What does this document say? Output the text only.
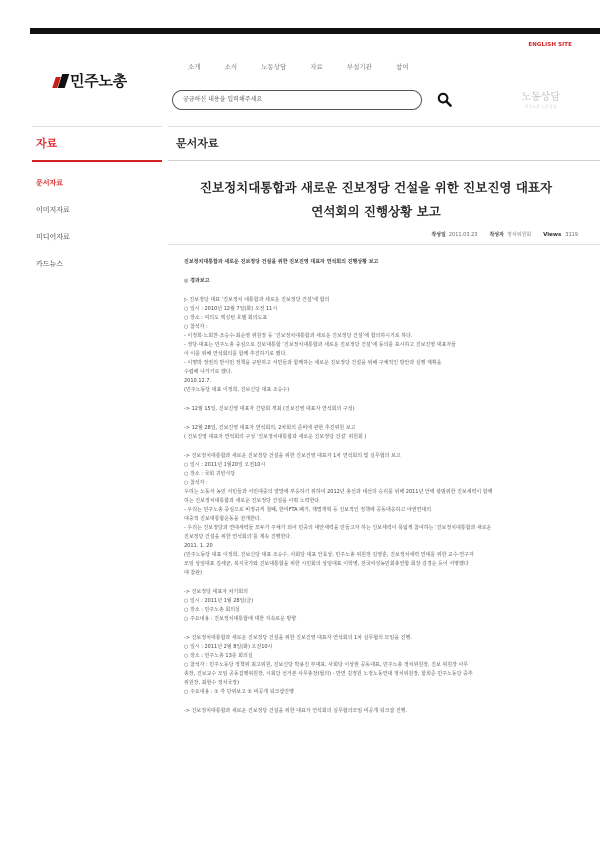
ENGLISH SITE
민주노총
소개	소식	노동상담	자료	부설기관	참여
궁금하신 내용을 입력해주세요	노동상담
민주노총 노동상담
자료	문서자료
문서자료
이미지자료
미디어자료
카드뉴스
진보정치대통합과 새로운 진보정당 건설을 위한 진보진영 대표자
연석회의 진행상황 보고
작성일 2011.03.23 작성자 정치위원회 Views 3119
진보정치대통합과 새로운 진보정당 건설을 위한 진보진영 대표자 연석회의 진행상황 보고
◎ 경과보고
▷ 진보정당 대표 ‘진보정치 대통합과 새로운 진보정당 건설’에 합의
○ 일시 : 2010년 12월 7일(화) 오전 11시
○ 장소 : 여의도 렉싱턴 호텔 회의도표
○ 참석자 :
- 이정희·노회찬·조승수·최순영 위원장 등 ‘진보정치대통합과 새로운 진보정당 건설’에 합의하시기로 하다.
- 정당·대표는 민주노총 중심으로 진보대통합 ‘진보정치대통합과 새로운 진보정당 건설’에 동의를 표시하고 진보진영 대표자들
이 이를 위해 연석회의를 함께 추진하기로 했다.
- 이명박 정권의 반서민 정책을 규탄하고 서민들과 함께하는 새로운 진보정당 건설을 위해 구체적인 방안과 실행 계획을
수립해 나가기로 했다.
2010.12.7.
(민주노동당 대표 이정희, 진보신당 대표 조승수)
-> 12월 15일, 진보진영 대표자 간담회 개최 (진보진영 대표자 연석회의 구성)
-> 12월 28일, 진보진영 대표자 연석회의, 2차회의 준비에 관한 추진위원 보고
( 진보진영 대표자 연석회의 구성 ‘진보정치대통합과 새로운 진보정당 건설’ 위원회 )
-> 진보정치대통합과 새로운 진보정당 건설을 위한 진보진영 대표자 1차 연석회의 및 실무협의 보고
○ 일시 : 2011년 1월20일 오전10시
○ 장소 : 국회 귀빈식당
○ 참석자 :
우리는 노동자 농민 서민들과 서민대중의 열망에 부응하기 위하여 2012년 총선과 대선의 승리를 위해 2011년 안에 광범위한 진보세력이 함께
하는 진보정치대통합과 새로운 진보정당 건설을 이뤄 노력한다.
- 우리는 민주노총 중심으로 비정규직 철폐, 한미FTA 폐기, 재벌개혁 등 진보적인 정책에 공동대응하고 야권연대의
대중적 진보대통합운동을 전개한다.
- 우리는 진보정당과 연대세력들 모두가 주체가 되어 민중의 대안세력을 만들고자 하는 진보세력이 폭넓게 참여하는 ‘진보정치대통합과 새로운
진보정당 건설을 위한 연석회의’를 계속 진행한다.
2011. 1. 20
(민주노동당 대표 이정희, 진보신당 대표 조승수, 사회당 대표 안효상, 민주노총 위원장 김영훈, 진보정치세력 연대를 위한 교수·연구자
모임 상임대표 김세균, 복지국가와 진보대통합을 위한 시민회의 상임대표 이학영, 전국여성농민회총연합 회장 김경순 등이 서명했다
대 참관)
-> 진보정당 대표자 차기회의
○ 일시 : 2011년 1월 28일(금)
○ 장소 : 민주노총 회의실
○ 주요내용 : 진보정치대통합에 대한 지속로운 방향
-> 진보정치대통합과 새로운 진보정당 건설을 위한 진보진영 대표자 연석회의 1차 실무협의 모임을 진행.
○ 일시 : 2011년 2월 8일(화) 오전10시
○ 장소 : 민주노총 13층 회의실
○ 참석자 : 민주노동당 정책위 최고위원, 진보신당 박용진 부대표, 사회당 이상현 공동대표, 민주노총 정치위원장, 진보 위원장 사무
총장, 진보교수 모임 공동집행위원장, 시회당 선거본 사무총장(협의) - 반면 김정원 노정노동연대 정치위원장, 함희준 민주노동당 중추
위원장, 최현수 정치국장)
○ 주요내용 : ① 각 단위보고 ② 비공개 워크샵진행
-> 진보정치대통합과 새로운 진보정당 건설을 위한 대표자 연석회의 실무협의모임 비공개 워크샵 진행.
